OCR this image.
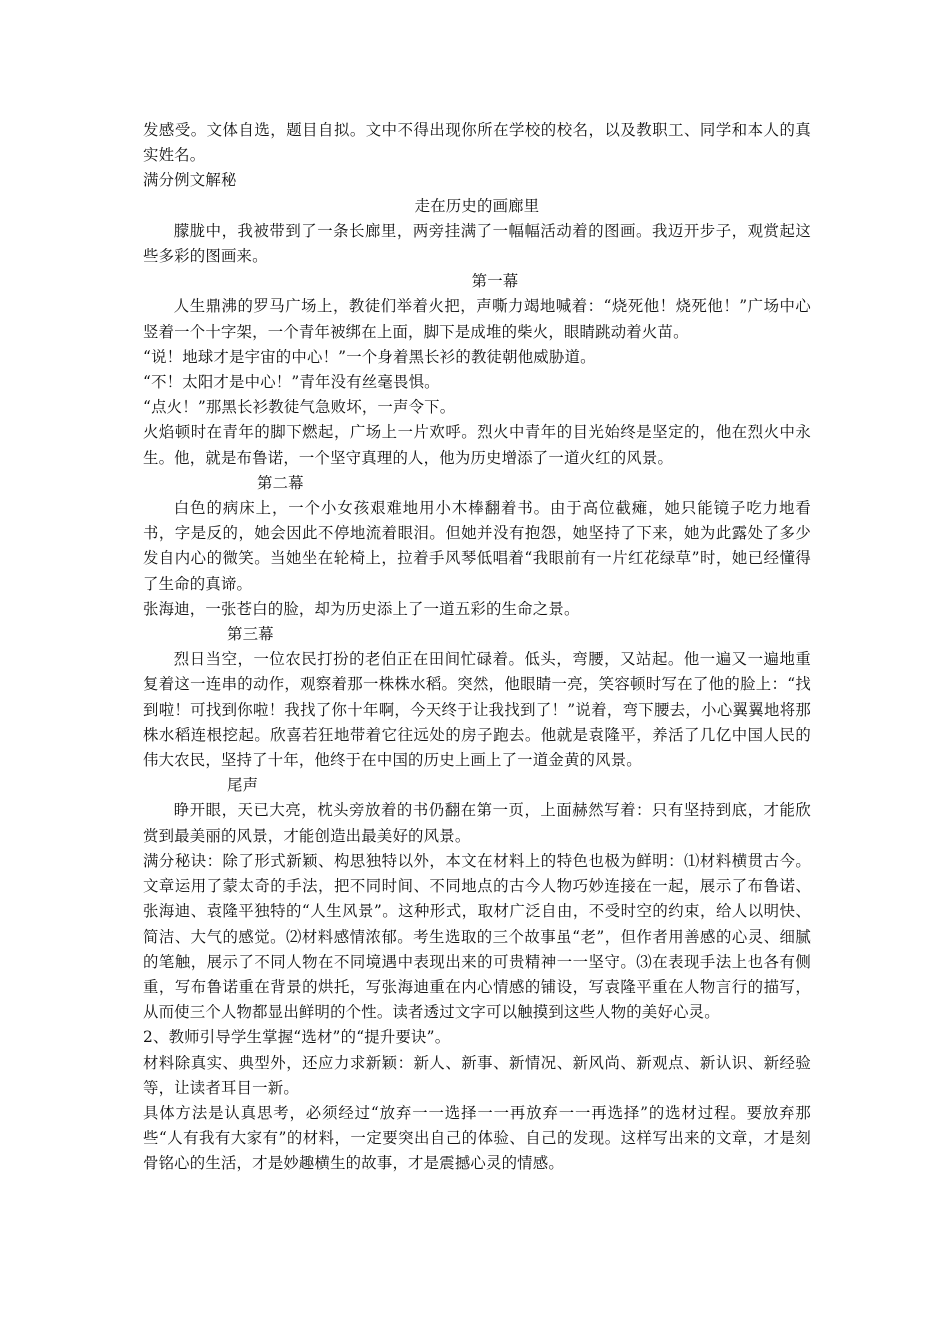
发感受。文体自选，题目自拟。文中不得出现你所在学校的校名，以及教职工、同学和本人的真实姓名。

满分例文解秘

走在历史的画廊里

朦胧中，我被带到了一条长廊里，两旁挂满了一幅幅活动着的图画。我迈开步子，观赏起这些多彩的图画来。

第一幕

人生鼎沸的罗马广场上，教徒们举着火把，声嘶力竭地喊着：“烧死他！烧死他！”广场中心竖着一个十字架，一个青年被绑在上面，脚下是成堆的柴火，眼睛跳动着火苗。

“说！地球才是宇宙的中心！”一个身着黑长衫的教徒朝他威胁道。

“不！太阳才是中心！”青年没有丝毫畏惧。

“点火！”那黑长衫教徒气急败坏，一声令下。

火焰顿时在青年的脚下燃起，广场上一片欢呼。烈火中青年的目光始终是坚定的，他在烈火中永生。他，就是布鲁诺，一个坚守真理的人，他为历史增添了一道火红的风景。

第二幕

白色的病床上，一个小女孩艰难地用小木棒翻着书。由于高位截瘫，她只能镜子吃力地看书，字是反的，她会因此不停地流着眼泪。但她并没有抱怨，她坚持了下来，她为此露处了多少发自内心的微笑。当她坐在轮椅上，拉着手风琴低唱着“我眼前有一片红花绿草”时，她已经懂得了生命的真谛。

张海迪，一张苍白的脸，却为历史添上了一道五彩的生命之景。

第三幕

烈日当空，一位农民打扮的老伯正在田间忙碌着。低头，弯腰，又站起。他一遍又一遍地重复着这一连串的动作，观察着那一株株水稻。突然，他眼睛一亮，笑容顿时写在了他的脸上：“找到啦！可找到你啦！我找了你十年啊，今天终于让我找到了！”说着，弯下腰去，小心翼翼地将那株水稻连根挖起。欣喜若狂地带着它往远处的房子跑去。他就是袁隆平，养活了几亿中国人民的伟大农民，坚持了十年，他终于在中国的历史上画上了一道金黄的风景。

尾声

睁开眼，天已大亮，枕头旁放着的书仍翻在第一页，上面赫然写着：只有坚持到底，才能欣赏到最美丽的风景，才能创造出最美好的风景。

满分秘诀：除了形式新颖、构思独特以外，本文在材料上的特色也极为鲜明：⑴材料横贯古今。文章运用了蒙太奇的手法，把不同时间、不同地点的古今人物巧妙连接在一起，展示了布鲁诺、张海迪、袁隆平独特的“人生风景”。这种形式，取材广泛自由，不受时空的约束，给人以明快、简洁、大气的感觉。⑵材料感情浓郁。考生选取的三个故事虽“老”，但作者用善感的心灵、细腻的笔触，展示了不同人物在不同境遇中表现出来的可贵精神一一坚守。⑶在表现手法上也各有侧重，写布鲁诺重在背景的烘托，写张海迪重在内心情感的铺设，写袁隆平重在人物言行的描写，从而使三个人物都显出鲜明的个性。读者透过文字可以触摸到这些人物的美好心灵。

2、教师引导学生掌握“选材”的“提升要诀”。

材料除真实、典型外，还应力求新颖：新人、新事、新情况、新风尚、新观点、新认识、新经验等，让读者耳目一新。

具体方法是认真思考，必须经过“放弃一一选择一一再放弃一一再选择”的选材过程。要放弃那些“人有我有大家有”的材料，一定要突出自己的体验、自己的发现。这样写出来的文章，才是刻骨铭心的生活，才是妙趣横生的故事，才是震撼心灵的情感。
